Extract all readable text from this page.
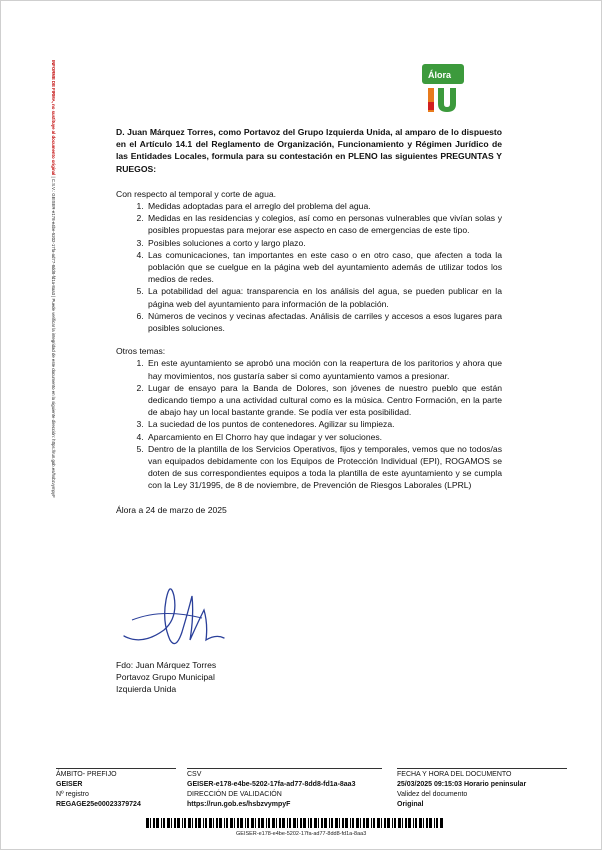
INFORME DE FIRMA, no sustituye al documento original | C.S.V.: GEISER-e178-e4be-5202-17fa-ad77-8dd8-fd1a-8aa3 | Puede verificar la integridad de este documento en la siguiente dirección: https://run.gob.es/hsbzvympyF
Álora

D. Juan Márquez Torres, como Portavoz del Grupo Izquierda Unida, al amparo de lo dispuesto en el Artículo 14.1 del Reglamento de Organización, Funcionamiento y Régimen Jurídico de las Entidades Locales, formula para su contestación en PLENO las siguientes PREGUNTAS Y RUEGOS:

Con respecto al temporal y corte de agua.

1. Medidas adoptadas para el arreglo del problema del agua.
2. Medidas en las residencias y colegios, así como en personas vulnerables que vivían solas y posibles propuestas para mejorar ese aspecto en caso de emergencias de este tipo.
3. Posibles soluciones a corto y largo plazo.
4. Las comunicaciones, tan importantes en este caso o en otro caso, que afecten a toda la población que se cuelgue en la página web del ayuntamiento además de utilizar todos los medios de redes.
5. La potabilidad del agua: transparencia en los análisis del agua, se pueden publicar en la página web del ayuntamiento para información de la población.
6. Números de vecinos y vecinas afectadas. Análisis de carriles y accesos a esos lugares para posibles soluciones.

Otros temas:

1. En este ayuntamiento se aprobó una moción con la reapertura de los paritorios y ahora que hay movimientos, nos gustaría saber si como ayuntamiento vamos a presionar.
2. Lugar de ensayo para la Banda de Dolores, son jóvenes de nuestro pueblo que están dedicando tiempo a una actividad cultural como es la música. Centro Formación, en la parte de abajo hay un local bastante grande. Se podía ver esta posibilidad.
3. La suciedad de los puntos de contenedores. Agilizar su limpieza.
4. Aparcamiento en El Chorro hay que indagar y ver soluciones.
5. Dentro de la plantilla de los Servicios Operativos, fijos y temporales, vemos que no todos/as van equipados debidamente con los Equipos de Protección Individual (EPI), ROGAMOS se doten de sus correspondientes equipos a toda la plantilla de este ayuntamiento y se cumpla con la Ley 31/1995, de 8 de noviembre, de Prevención de Riesgos Laborales (LPRL)

Álora a 24 de marzo de 2025

Fdo: Juan Márquez Torres
Portavoz Grupo Municipal
Izquierda Unida
ÁMBITO- PREFIJO
GEISER
Nº registro
REGAGE25e00023379724
CSV
GEISER-e178-e4be-5202-17fa-ad77-8dd8-fd1a-8aa3
DIRECCIÓN DE VALIDACIÓN
https://run.gob.es/hsbzvympyF
FECHA Y HORA DEL DOCUMENTO
25/03/2025 09:15:03 Horario peninsular
Validez del documento
Original
GEISER-e178-e4be-5202-17fa-ad77-8dd8-fd1a-8aa3
